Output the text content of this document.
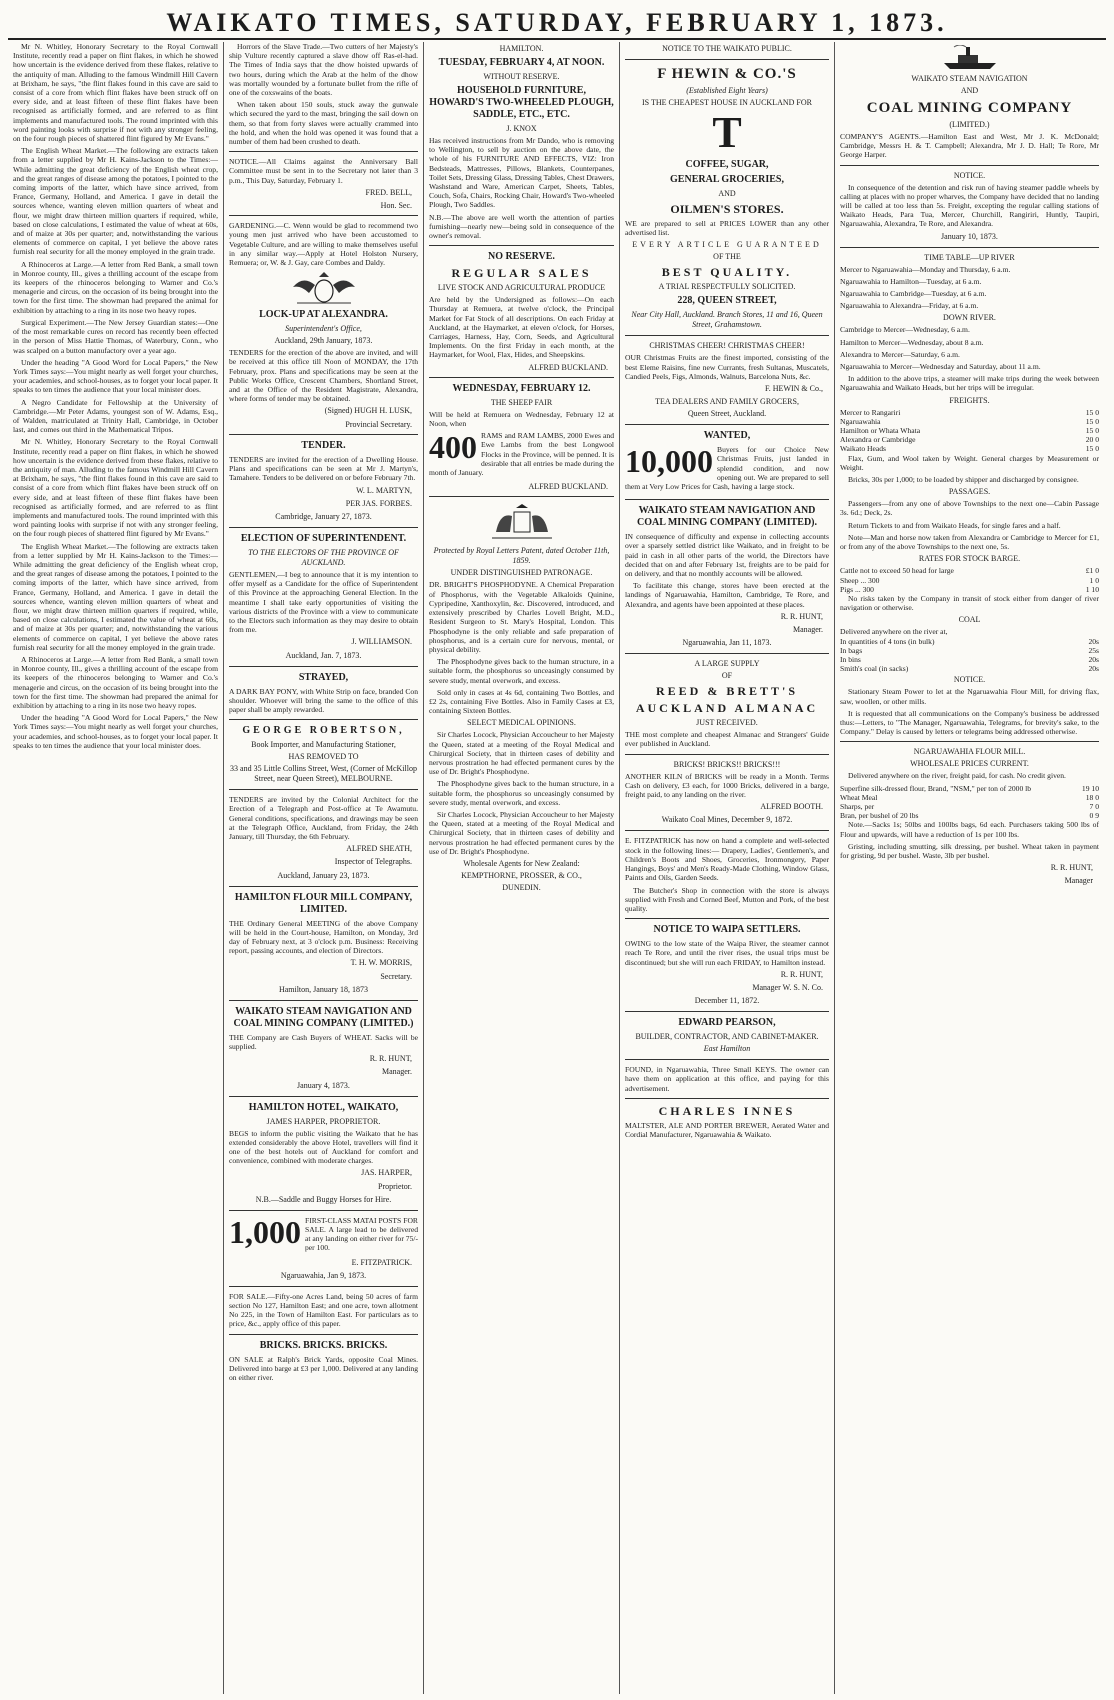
WAIKATO TIMES, SATURDAY, FEBRUARY 1, 1873.

Mr N. Whitley, Honorary Secretary to the Royal Cornwall Institute, recently read a paper on flint flakes, in which he showed how uncertain is the evidence derived from these flakes, relative to the antiquity of man. Alluding to the famous Windmill Hill Cavern at Brixham, he says, "the flint flakes found in this cave are said to consist of a core from which flint flakes have been struck off on every side, and at least fifteen of these flint flakes have been recognised as artificially formed, and are referred to as flint implements and manufactured tools. The round imprinted with this word painting looks with surprise if not with any stronger feeling, on the four rough pieces of shattered flint figured by Mr Evans."

The English Wheat Market.—The following are extracts taken from a letter supplied by Mr H. Kains-Jackson to the Times:—While admitting the great deficiency of the English wheat crop, and the great ranges of disease among the potatoes, I pointed to the coming imports of the latter, which have since arrived, from France, Germany, Holland, and America. I gave in detail the sources whence, wanting eleven million quarters of wheat and flour, we might draw thirteen million quarters if required, while, based on close calculations, I estimated the value of wheat at 60s, and of maize at 30s per quarter; and, notwithstanding the various elements of commerce on capital, I yet believe the above rates furnish real security for all the money employed in the grain trade.

A Rhinoceros at Large.—A letter from Red Bank, a small town in Monroe county, Ill., gives a thrilling account of the escape from its keepers of the rhinoceros belonging to Warner and Co.'s menagerie and circus, on the occasion of its being brought into the town for the first time. The showman had prepared the animal for exhibition by attaching to a ring in its nose two heavy ropes.

Surgical Experiment.—The New Jersey Guardian states:—One of the most remarkable cures on record has recently been effected in the person of Miss Hattie Thomas, of Waterbury, Conn., who was scalped on a button manufactory over a year ago.

Under the heading "A Good Word for Local Papers," the New York Times says:—You might nearly as well forget your churches, your academies, and school-houses, as to forget your local paper. It speaks to ten times the audience that your local minister does.

A Negro Candidate for Fellowship at the University of Cambridge.—Mr Peter Adams, youngest son of W. Adams, Esq., of Walden, matriculated at Trinity Hall, Cambridge, in October last, and comes out third in the Mathematical Tripos.

Mr N. Whitley, Honorary Secretary to the Royal Cornwall Institute, recently read a paper on flint flakes, in which he showed how uncertain is the evidence derived from these flakes, relative to the antiquity of man. Alluding to the famous Windmill Hill Cavern at Brixham, he says, "the flint flakes found in this cave are said to consist of a core from which flint flakes have been struck off on every side, and at least fifteen of these flint flakes have been recognised as artificially formed, and are referred to as flint implements and manufactured tools. The round imprinted with this word painting looks with surprise if not with any stronger feeling, on the four rough pieces of shattered flint figured by Mr Evans."

The English Wheat Market.—The following are extracts taken from a letter supplied by Mr H. Kains-Jackson to the Times:—While admitting the great deficiency of the English wheat crop, and the great ranges of disease among the potatoes, I pointed to the coming imports of the latter, which have since arrived, from France, Germany, Holland, and America. I gave in detail the sources whence, wanting eleven million quarters of wheat and flour, we might draw thirteen million quarters if required, while, based on close calculations, I estimated the value of wheat at 60s, and of maize at 30s per quarter; and, notwithstanding the various elements of commerce on capital, I yet believe the above rates furnish real security for all the money employed in the grain trade.

A Rhinoceros at Large.—A letter from Red Bank, a small town in Monroe county, Ill., gives a thrilling account of the escape from its keepers of the rhinoceros belonging to Warner and Co.'s menagerie and circus, on the occasion of its being brought into the town for the first time. The showman had prepared the animal for exhibition by attaching to a ring in its nose two heavy ropes.

Under the heading "A Good Word for Local Papers," the New York Times says:—You might nearly as well forget your churches, your academies, and school-houses, as to forget your local paper. It speaks to ten times the audience that your local minister does.

Horrors of the Slave Trade.—Two cutters of her Majesty's ship Vulture recently captured a slave dhow off Ras-el-had. The Times of India says that the dhow hoisted upwards of two hours, during which the Arab at the helm of the dhow was mortally wounded by a fortunate bullet from the rifle of one of the coxswains of the boats.

When taken about 150 souls, stuck away the gunwale which secured the yard to the mast, bringing the sail down on them, so that from forty slaves were actually crammed into the hold, and when the hold was opened it was found that a number of them had been crushed to death.

NOTICE.—All Claims against the Anniversary Ball Committee must be sent in to the Secretary not later than 3 p.m., This Day, Saturday, February 1.

FRED. BELL,
Hon. Sec.

GARDENING.—C. Wenn would be glad to recommend two young men just arrived who have been accustomed to Vegetable Culture, and are willing to make themselves useful in any similar way.—Apply at Hotel Holston Nursery, Remuera; or, W. & J. Gay, care Combes and Daldy.

LOCK-UP AT ALEXANDRA.
Superintendent's Office,
Auckland, 29th January, 1873.

TENDERS for the erection of the above are invited, and will be received at this office till Noon of MONDAY, the 17th February, prox. Plans and specifications may be seen at the Public Works Office, Crescent Chambers, Shortland Street, and at the Office of the Resident Magistrate, Alexandra, where forms of tender may be obtained.

(Signed) HUGH H. LUSK,
Provincial Secretary.
TENDER.

TENDERS are invited for the erection of a Dwelling House. Plans and specifications can be seen at Mr J. Martyn's, Tamahere. Tenders to be delivered on or before February 7th.

W. L. MARTYN,
PER JAS. FORBES.
Cambridge, January 27, 1873.
ELECTION OF SUPERINTENDENT.
TO THE ELECTORS OF THE PROVINCE OF AUCKLAND.

GENTLEMEN,—I beg to announce that it is my intention to offer myself as a Candidate for the office of Superintendent of this Province at the approaching General Election. In the meantime I shall take early opportunities of visiting the various districts of the Province with a view to communicate to the Electors such information as they may desire to obtain from me.

J. WILLIAMSON.
Auckland, Jan. 7, 1873.
STRAYED,

A DARK BAY PONY, with White Strip on face, branded Con shoulder. Whoever will bring the same to the office of this paper shall be amply rewarded.

GEORGE ROBERTSON,
Book Importer, and Manufacturing Stationer,
HAS REMOVED TO
33 and 35 Little Collins Street, West, (Corner of McKillop Street, near Queen Street), MELBOURNE.

TENDERS are invited by the Colonial Architect for the Erection of a Telegraph and Post-office at Te Awamutu. General conditions, specifications, and drawings may be seen at the Telegraph Office, Auckland, from Friday, the 24th January, till Thursday, the 6th February.

ALFRED SHEATH,
Inspector of Telegraphs.
Auckland, January 23, 1873.
HAMILTON FLOUR MILL COMPANY, LIMITED.

THE Ordinary General MEETING of the above Company will be held in the Court-house, Hamilton, on Monday, 3rd day of February next, at 3 o'clock p.m. Business: Receiving report, passing accounts, and election of Directors.

T. H. W. MORRIS,
Secretary.
Hamilton, January 18, 1873
WAIKATO STEAM NAVIGATION AND COAL MINING COMPANY (LIMITED.)

THE Company are Cash Buyers of WHEAT. Sacks will be supplied.

R. R. HUNT,
Manager.
January 4, 1873.
HAMILTON HOTEL, WAIKATO,
JAMES HARPER, PROPRIETOR.

BEGS to inform the public visiting the Waikato that he has extended considerably the above Hotel, travellers will find it one of the best hotels out of Auckland for comfort and convenience, combined with moderate charges.

JAS. HARPER,
Proprietor.
N.B.—Saddle and Buggy Horses for Hire.
1,000 FIRST-CLASS MATAI POSTS FOR SALE. A large lead to be delivered at any landing on either river for 75/- per 100.

E. FITZPATRICK.
Ngaruawahia, Jan 9, 1873.

FOR SALE.—Fifty-one Acres Land, being 50 acres of farm section No 127, Hamilton East; and one acre, town allotment No 225, in the Town of Hamilton East. For particulars as to price, &c., apply office of this paper.

BRICKS. BRICKS. BRICKS.

ON SALE at Ralph's Brick Yards, opposite Coal Mines. Delivered into barge at £3 per 1,000. Delivered at any landing on either river.

HAMILTON.
TUESDAY, FEBRUARY 4, AT NOON.
WITHOUT RESERVE.
HOUSEHOLD FURNITURE, HOWARD'S TWO-WHEELED PLOUGH, SADDLE, ETC., ETC.
J. KNOX

Has received instructions from Mr Dando, who is removing to Wellington, to sell by auction on the above date, the whole of his FURNITURE AND EFFECTS, VIZ: Iron Bedsteads, Mattresses, Pillows, Blankets, Counterpanes, Toilet Sets, Dressing Glass, Dressing Tables, Chest Drawers, Washstand and Ware, American Carpet, Sheets, Tables, Couch, Sofa, Chairs, Rocking Chair, Howard's Two-wheeled Plough, Two Saddles.

N.B.—The above are well worth the attention of parties furnishing—nearly new—being sold in consequence of the owner's removal.

NO RESERVE.
REGULAR SALES
LIVE STOCK AND AGRICULTURAL PRODUCE

Are held by the Undersigned as follows:—On each Thursday at Remuera, at twelve o'clock, the Principal Market for Fat Stock of all descriptions. On each Friday at Auckland, at the Haymarket, at eleven o'clock, for Horses, Carriages, Harness, Hay, Corn, Seeds, and Agricultural Implements. On the first Friday in each month, at the Haymarket, for Wool, Flax, Hides, and Sheepskins.

ALFRED BUCKLAND.
WEDNESDAY, FEBRUARY 12.
THE SHEEP FAIR

Will be held at Remuera on Wednesday, February 12 at Noon, when

400 RAMS and RAM LAMBS, 2000 Ewes and Ewe Lambs from the best Longwool Flocks in the Province, will be penned. It is desirable that all entries be made during the month of January.

ALFRED BUCKLAND.
Protected by Royal Letters Patent, dated October 11th, 1859.
UNDER DISTINGUISHED PATRONAGE.

DR. BRIGHT'S PHOSPHODYNE. A Chemical Preparation of Phosphorus, with the Vegetable Alkaloids Quinine, Cypripedine, Xanthoxylin, &c. Discovered, introduced, and extensively prescribed by Charles Lovell Bright, M.D., Resident Surgeon to St. Mary's Hospital, London. This Phosphodyne is the only reliable and safe preparation of phosphorus, and is a certain cure for nervous, mental, or physical debility.

The Phosphodyne gives back to the human structure, in a suitable form, the phosphorus so unceasingly consumed by severe study, mental overwork, and excess.

Sold only in cases at 4s 6d, containing Two Bottles, and £2 2s, containing Five Bottles. Also in Family Cases at £3, containing Sixteen Bottles.

SELECT MEDICAL OPINIONS.

Sir Charles Locock, Physician Accoucheur to her Majesty the Queen, stated at a meeting of the Royal Medical and Chirurgical Society, that in thirteen cases of debility and nervous prostration he had effected permanent cures by the use of Dr. Bright's Phosphodyne.

The Phosphodyne gives back to the human structure, in a suitable form, the phosphorus so unceasingly consumed by severe study, mental overwork, and excess.

Sir Charles Locock, Physician Accoucheur to her Majesty the Queen, stated at a meeting of the Royal Medical and Chirurgical Society, that in thirteen cases of debility and nervous prostration he had effected permanent cures by the use of Dr. Bright's Phosphodyne.

Wholesale Agents for New Zealand:
KEMPTHORNE, PROSSER, & CO.,
DUNEDIN.
NOTICE TO THE WAIKATO PUBLIC.
F HEWIN & CO.'S
(Established Eight Years)
IS THE CHEAPEST HOUSE IN AUCKLAND FOR
T
COFFEE, SUGAR,
GENERAL GROCERIES,
AND
OILMEN'S STORES.

WE are prepared to sell at PRICES LOWER than any other advertised list.

EVERY ARTICLE GUARANTEED
OF THE
BEST QUALITY.
A TRIAL RESPECTFULLY SOLICITED.
228, QUEEN STREET,
Near City Hall, Auckland. Branch Stores, 11 and 16, Queen Street, Grahamstown.
CHRISTMAS CHEER! CHRISTMAS CHEER!

OUR Christmas Fruits are the finest imported, consisting of the best Eleme Raisins, fine new Currants, fresh Sultanas, Muscatels, Candied Peels, Figs, Almonds, Walnuts, Barcelona Nuts, &c.

F. HEWIN & Co.,
TEA DEALERS AND FAMILY GROCERS,
Queen Street, Auckland.
WANTED,
10,000 Buyers for our Choice New Christmas Fruits, just landed in splendid condition, and now opening out. We are prepared to sell them at Very Low Prices for Cash, having a large stock.

WAIKATO STEAM NAVIGATION AND COAL MINING COMPANY (LIMITED).

IN consequence of difficulty and expense in collecting accounts over a sparsely settled district like Waikato, and in freight to be paid in cash in all other parts of the world, the Directors have decided that on and after February 1st, freights are to be paid for on delivery, and that no monthly accounts will be allowed.

To facilitate this change, stores have been erected at the landings of Ngaruawahia, Hamilton, Cambridge, Te Rore, and Alexandra, and agents have been appointed at these places.

R. R. HUNT,
Manager.
Ngaruawahia, Jan 11, 1873.
A LARGE SUPPLY
OF
REED & BRETT'S
AUCKLAND ALMANAC
JUST RECEIVED.

THE most complete and cheapest Almanac and Strangers' Guide ever published in Auckland.

BRICKS! BRICKS!! BRICKS!!!

ANOTHER KILN of BRICKS will be ready in a Month. Terms Cash on delivery, £3 each, for 1000 Bricks, delivered in a barge, freight paid, to any landing on the river.

ALFRED BOOTH.
Waikato Coal Mines, December 9, 1872.

E. FITZPATRICK has now on hand a complete and well-selected stock in the following lines:— Drapery, Ladies', Gentlemen's, and Children's Boots and Shoes, Groceries, Ironmongery, Paper Hangings, Boys' and Men's Ready-Made Clothing, Window Glass, Paints and Oils, Garden Seeds.

The Butcher's Shop in connection with the store is always supplied with Fresh and Corned Beef, Mutton and Pork, of the best quality.

NOTICE TO WAIPA SETTLERS.

OWING to the low state of the Waipa River, the steamer cannot reach Te Rore, and until the river rises, the usual trips must be discontinued; but she will run each FRIDAY, to Hamilton instead.

R. R. HUNT,
Manager W. S. N. Co.
December 11, 1872.
EDWARD PEARSON,
BUILDER, CONTRACTOR, AND CABINET-MAKER.
East Hamilton

FOUND, in Ngaruawahia, Three Small KEYS. The owner can have them on application at this office, and paying for this advertisement.

CHARLES INNES

MALTSTER, ALE AND PORTER BREWER, Aerated Water and Cordial Manufacturer, Ngaruawahia & Waikato.

WAIKATO STEAM NAVIGATION
AND
COAL MINING COMPANY
(LIMITED.)

COMPANY'S AGENTS.—Hamilton East and West, Mr J. K. McDonald; Cambridge, Messrs H. & T. Campbell; Alexandra, Mr J. D. Hall; Te Rore, Mr George Harper.

NOTICE.

In consequence of the detention and risk run of having steamer paddle wheels by calling at places with no proper wharves, the Company have decided that no landing will be called at too less than 5s. Freight, excepting the regular calling stations of Waikato Heads, Para Tua, Mercer, Churchill, Rangiriri, Huntly, Taupiri, Ngaruawahia, Alexandra, Te Rore, and Alexandra.

January 10, 1873.
TIME TABLE—UP RIVER

Mercer to Ngaruawahia—Monday and Thursday, 6 a.m.

Ngaruawahia to Hamilton—Tuesday, at 6 a.m.

Ngaruawahia to Cambridge—Tuesday, at 6 a.m.

Ngaruawahia to Alexandra—Friday, at 6 a.m.

DOWN RIVER.

Cambridge to Mercer—Wednesday, 6 a.m.

Hamilton to Mercer—Wednesday, about 8 a.m.

Alexandra to Mercer—Saturday, 6 a.m.

Ngaruawahia to Mercer—Wednesday and Saturday, about 11 a.m.

In addition to the above trips, a steamer will make trips during the week between Ngaruawahia and Waikato Heads, but her trips will be irregular.

FREIGHTS.
Mercer to Rangariri	15 0
Ngaruawahia	15 0
Hamilton or Whata Whata	15 0
Alexandra or Cambridge	20 0
Waikato Heads	15 0

Flax, Gum, and Wool taken by Weight. General charges by Measurement or Weight.

Bricks, 30s per 1,000; to be loaded by shipper and discharged by consignee.

PASSAGES.

Passengers—from any one of above Townships to the next one—Cabin Passage 3s. 6d.; Deck, 2s.

Return Tickets to and from Waikato Heads, for single fares and a half.

Note—Man and horse now taken from Alexandra or Cambridge to Mercer for £1, or from any of the above Townships to the next one, 5s.

RATES FOR STOCK BARGE.
Cattle not to exceed 50 head for large	£1 0
Sheep ... 300	1 0
Pigs ... 300	1 10

No risks taken by the Company in transit of stock either from danger of river navigation or otherwise.

COAL
Delivered anywhere on the river at,
In quantities of 4 tons (in bulk)	20s
In bags	25s
In bins	20s
Smith's coal (in sacks)	20s
NOTICE.

Stationary Steam Power to let at the Ngaruawahia Flour Mill, for driving flax, saw, woollen, or other mills.

It is requested that all communications on the Company's business be addressed thus:—Letters, to "The Manager, Ngaruawahia, Telegrams, for brevity's sake, to the Company." Delay is caused by letters or telegrams being addressed otherwise.

NGARUAWAHIA FLOUR MILL.
WHOLESALE PRICES CURRENT.

Delivered anywhere on the river, freight paid, for cash. No credit given.

Superfine silk-dressed flour, Brand, "NSM," per ton of 2000 lb	19 10
Wheat Meal	18 0
Sharps, per	7 0
Bran, per bushel of 20 lbs	0 9

Note.—Sacks 1s; 50lbs and 100lbs bags, 6d each. Purchasers taking 500 lbs of Flour and upwards, will have a reduction of 1s per 100 lbs.

Gristing, including smutting, silk dressing, per bushel. Wheat taken in payment for gristing, 9d per bushel. Waste, 3lb per bushel.

R. R. HUNT,
Manager
